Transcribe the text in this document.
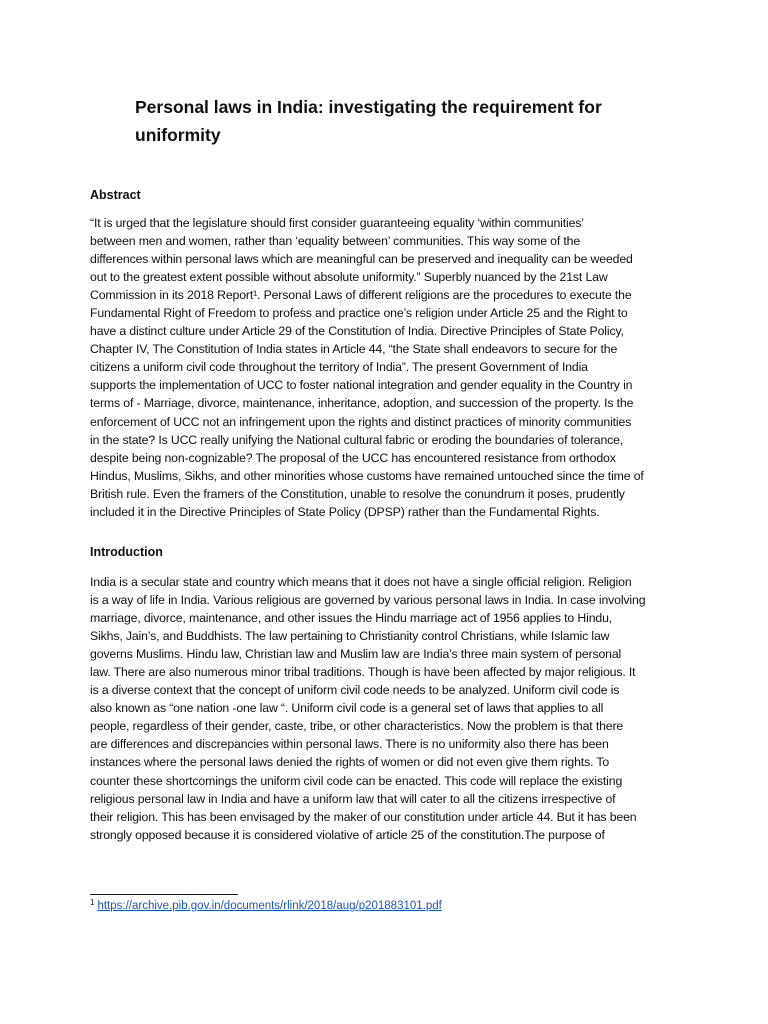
Personal laws in India: investigating the requirement for
uniformity
Abstract
“It is urged that the legislature should first consider guaranteeing equality ‘within communities’
between men and women, rather than ‘equality between’ communities. This way some of the
differences within personal laws which are meaningful can be preserved and inequality can be weeded
out to the greatest extent possible without absolute uniformity.” Superbly nuanced by the 21st Law
Commission in its 2018 Report¹. Personal Laws of different religions are the procedures to execute the
Fundamental Right of Freedom to profess and practice one’s religion under Article 25 and the Right to
have a distinct culture under Article 29 of the Constitution of India. Directive Principles of State Policy,
Chapter IV, The Constitution of India states in Article 44, “the State shall endeavors to secure for the
citizens a uniform civil code throughout the territory of India”. The present Government of India
supports the implementation of UCC to foster national integration and gender equality in the Country in
terms of - Marriage, divorce, maintenance, inheritance, adoption, and succession of the property. Is the
enforcement of UCC not an infringement upon the rights and distinct practices of minority communities
in the state? Is UCC really unifying the National cultural fabric or eroding the boundaries of tolerance,
despite being non-cognizable? The proposal of the UCC has encountered resistance from orthodox
Hindus, Muslims, Sikhs, and other minorities whose customs have remained untouched since the time of
British rule. Even the framers of the Constitution, unable to resolve the conundrum it poses, prudently
included it in the Directive Principles of State Policy (DPSP) rather than the Fundamental Rights.
Introduction
India is a secular state and country which means that it does not have a single official religion. Religion
is a way of life in India. Various religious are governed by various personal laws in India. In case involving
marriage, divorce, maintenance, and other issues the Hindu marriage act of 1956 applies to Hindu,
Sikhs, Jain’s, and Buddhists. The law pertaining to Christianity control Christians, while Islamic law
governs Muslims. Hindu law, Christian law and Muslim law are India’s three main system of personal
law. There are also numerous minor tribal traditions. Though is have been affected by major religious. It
is a diverse context that the concept of uniform civil code needs to be analyzed. Uniform civil code is
also known as “one nation -one law “. Uniform civil code is a general set of laws that applies to all
people, regardless of their gender, caste, tribe, or other characteristics. Now the problem is that there
are differences and discrepancies within personal laws. There is no uniformity also there has been
instances where the personal laws denied the rights of women or did not even give them rights. To
counter these shortcomings the uniform civil code can be enacted. This code will replace the existing
religious personal law in India and have a uniform law that will cater to all the citizens irrespective of
their religion. This has been envisaged by the maker of our constitution under article 44. But it has been
strongly opposed because it is considered violative of article 25 of the constitution.The purpose of
$^1$ https://archive.pib.gov.in/documents/rlink/2018/aug/p201883101.pdf
